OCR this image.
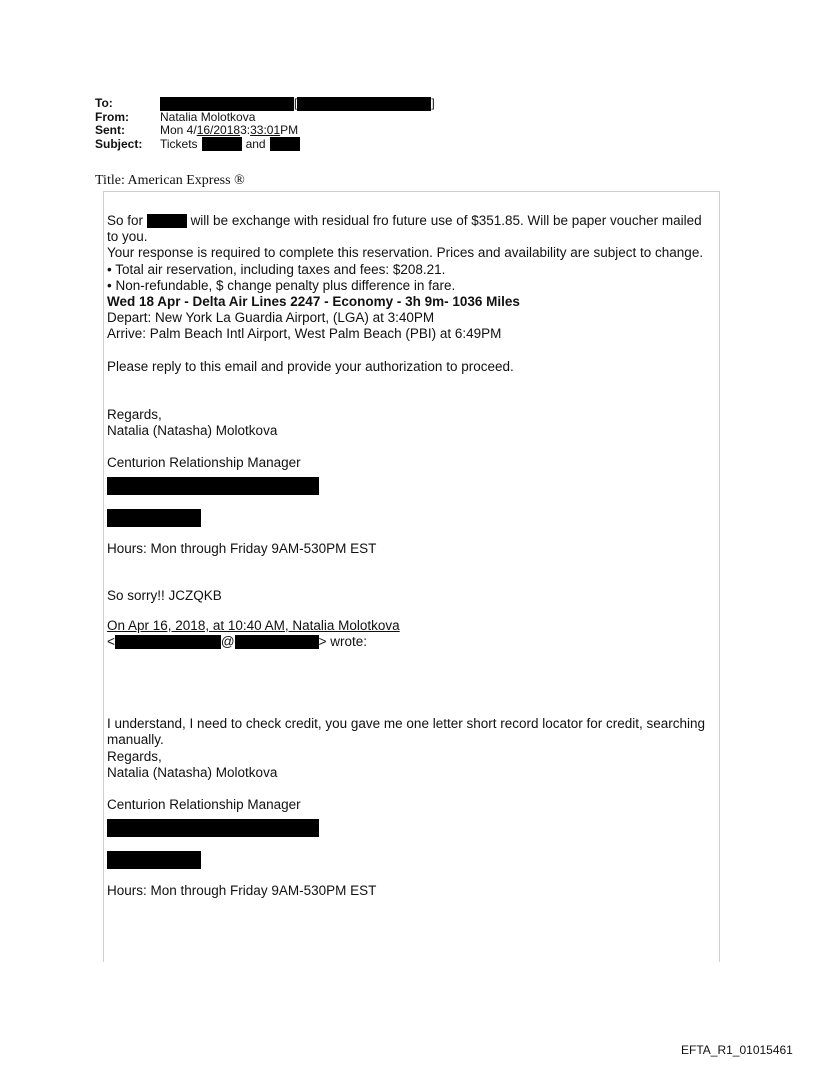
To:	[	]
From:	Natalia Molotkova
Sent:	Mon 4/ 16/2018 3: 33:01 PM
Subject:	Tickets	and
Title: American Express ®

So for	will be exchange with residual fro future use of $351.85. Will be paper voucher mailed to you.

Your response is required to complete this reservation. Prices and availability are subject to change.

• Total air reservation, including taxes and fees: $208.21.

• Non-refundable, $ change penalty plus difference in fare.

Wed 18 Apr - Delta Air Lines 2247 - Economy - 3h 9m- 1036 Miles

Depart: New York La Guardia Airport, (LGA) at 3:40PM

Arrive: Palm Beach Intl Airport, West Palm Beach (PBI) at 6:49PM

Please reply to this email and provide your authorization to proceed.

Regards,

Natalia (Natasha) Molotkova

Centurion Relationship Manager

Hours: Mon through Friday 9AM-530PM EST

So sorry!! JCZQKB

On Apr 16, 2018, at 10:40 AM, Natalia Molotkova

<	@	> wrote:

I understand, I need to check credit, you gave me one letter short record locator for credit, searching manually.

Regards,

Natalia (Natasha) Molotkova

Centurion Relationship Manager

Hours: Mon through Friday 9AM-530PM EST

EFTA_R1_01015461
